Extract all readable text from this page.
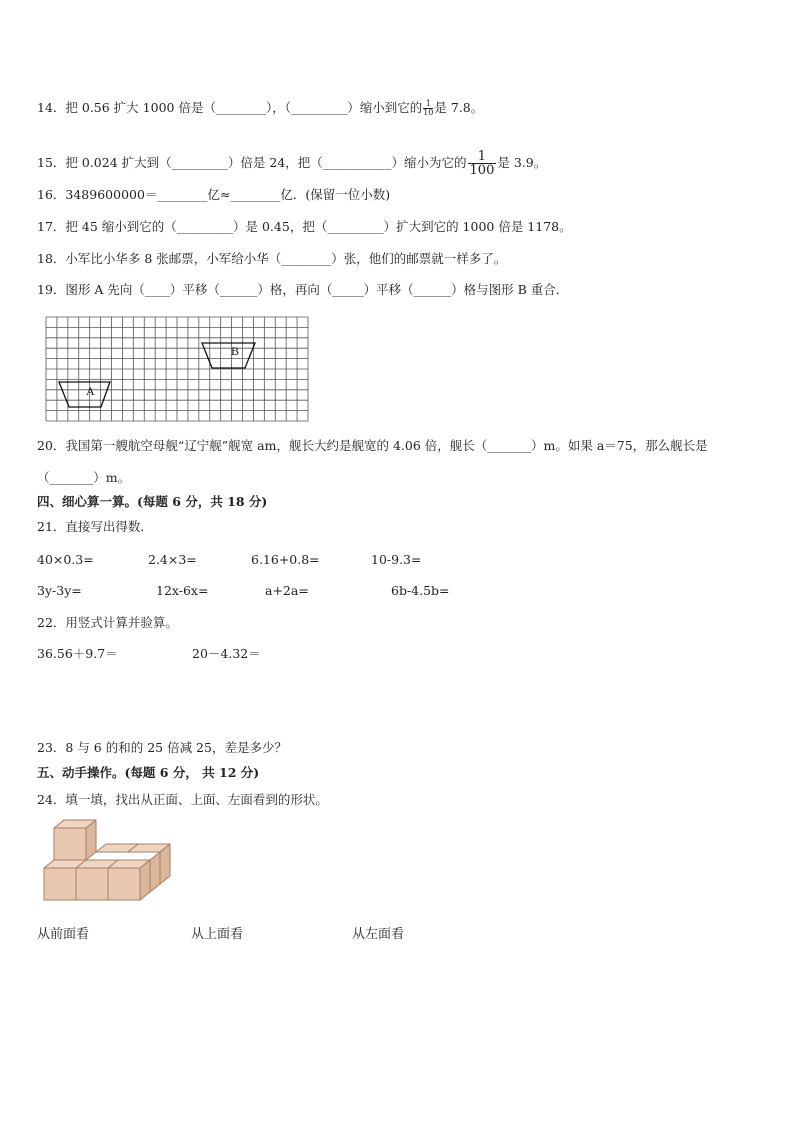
14．把 0.56 扩大 1000 倍是（________），（_________）缩小到它的 $\frac{1}{10}$ 是 7.8。
15．把 0.024 扩大到（_________）倍是 24，把（___________）缩小为它的 $\frac{1}{100}$ 是 3.9。
16．3489600000＝________亿≈________亿．(保留一位小数)
17．把 45 缩小到它的（_________）是 0.45，把（_________）扩大到它的 1000 倍是 1178。
18．小军比小华多 8 张邮票，小军给小华（________）张，他们的邮票就一样多了。
19．图形 A 先向（____）平移（______）格，再向（_____）平移（______）格与图形 B 重合．
A
B
20．我国第一艘航空母舰“辽宁舰”舰宽 am，舰长大约是舰宽的 4.06 倍，舰长（_______）m。如果 a＝75，那么舰长是
（_______）m。
四、细心算一算。(每题 6 分，共 18 分)
21．直接写出得数．
40×0.3=	2.4×3=	6.16+0.8=	10-9.3=
3y-3y=	12x-6x=	a+2a=	6b-4.5b=
22．用竖式计算并验算。
36.56＋9.7＝	20－4.32＝
23．8 与 6 的和的 25 倍减 25，差是多少？
五、动手操作。(每题 6 分， 共 12 分)
24．填一填，找出从正面、上面、左面看到的形状。
从前面看	从上面看	从左面看
